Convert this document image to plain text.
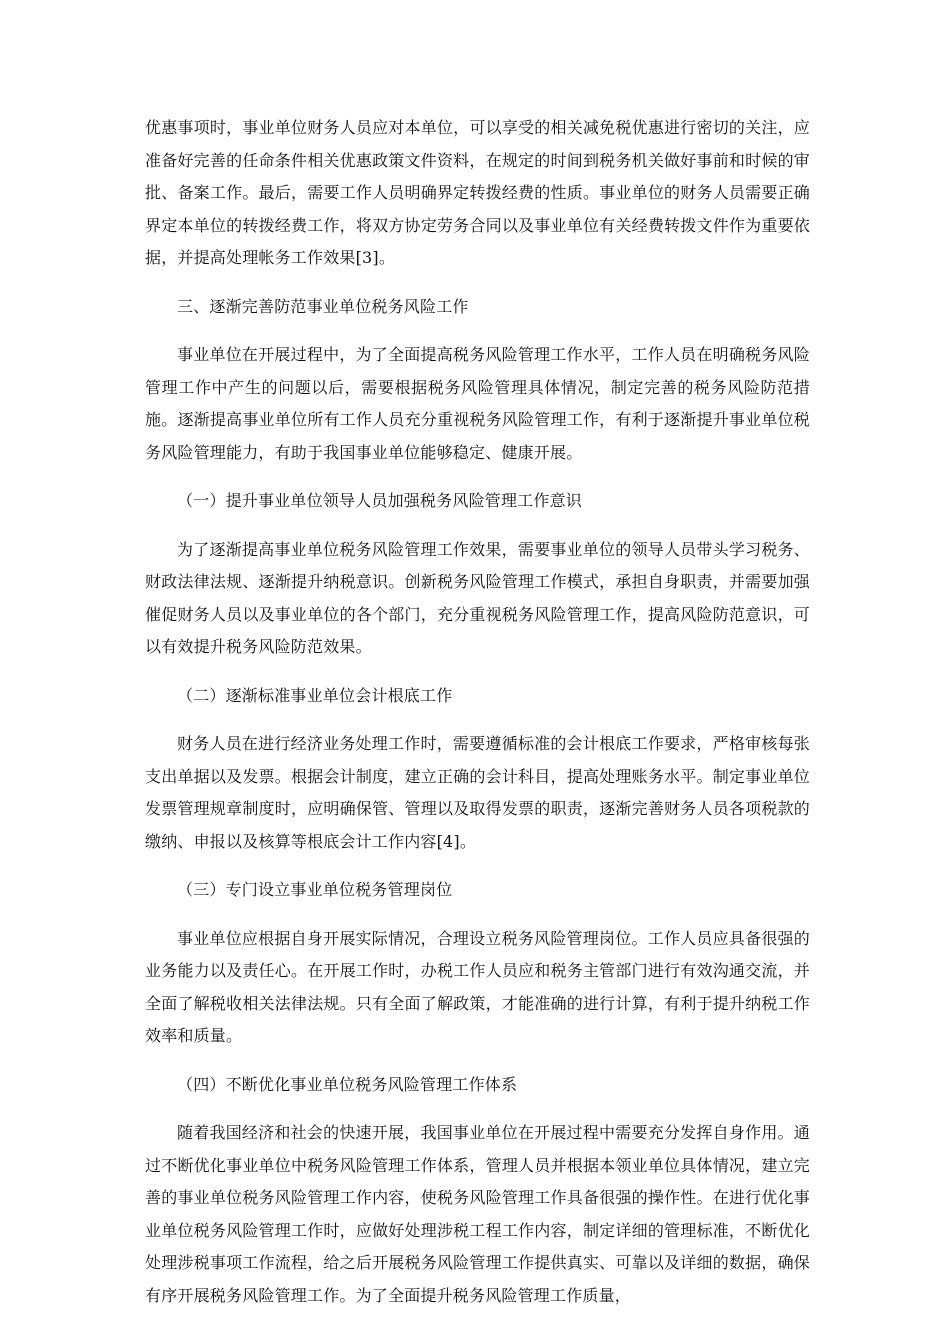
优惠事项时，事业单位财务人员应对本单位，可以享受的相关减免税优惠进行密切的关注，应准备好完善的任命条件相关优惠政策文件资料，在规定的时间到税务机关做好事前和时候的审批、备案工作。最后，需要工作人员明确界定转拨经费的性质。事业单位的财务人员需要正确界定本单位的转拨经费工作，将双方协定劳务合同以及事业单位有关经费转拨文件作为重要依据，并提高处理帐务工作效果[3]。

三、逐渐完善防范事业单位税务风险工作

事业单位在开展过程中，为了全面提高税务风险管理工作水平，工作人员在明确税务风险管理工作中产生的问题以后，需要根据税务风险管理具体情况，制定完善的税务风险防范措施。逐渐提高事业单位所有工作人员充分重视税务风险管理工作，有利于逐渐提升事业单位税务风险管理能力，有助于我国事业单位能够稳定、健康开展。

（一）提升事业单位领导人员加强税务风险管理工作意识

为了逐渐提高事业单位税务风险管理工作效果，需要事业单位的领导人员带头学习税务、财政法律法规、逐渐提升纳税意识。创新税务风险管理工作模式，承担自身职责，并需要加强催促财务人员以及事业单位的各个部门，充分重视税务风险管理工作，提高风险防范意识，可以有效提升税务风险防范效果。

（二）逐渐标准事业单位会计根底工作

财务人员在进行经济业务处理工作时，需要遵循标准的会计根底工作要求，严格审核每张支出单据以及发票。根据会计制度，建立正确的会计科目，提高处理账务水平。制定事业单位发票管理规章制度时，应明确保管、管理以及取得发票的职责，逐渐完善财务人员各项税款的缴纳、申报以及核算等根底会计工作内容[4]。

（三）专门设立事业单位税务管理岗位

事业单位应根据自身开展实际情况，合理设立税务风险管理岗位。工作人员应具备很强的业务能力以及责任心。在开展工作时，办税工作人员应和税务主管部门进行有效沟通交流，并全面了解税收相关法律法规。只有全面了解政策，才能准确的进行计算，有利于提升纳税工作效率和质量。

（四）不断优化事业单位税务风险管理工作体系

随着我国经济和社会的快速开展，我国事业单位在开展过程中需要充分发挥自身作用。通过不断优化事业单位中税务风险管理工作体系，管理人员并根据本领业单位具体情况，建立完善的事业单位税务风险管理工作内容，使税务风险管理工作具备很强的操作性。在进行优化事业单位税务风险管理工作时，应做好处理涉税工程工作内容，制定详细的管理标准，不断优化处理涉税事项工作流程，给之后开展税务风险管理工作提供真实、可靠以及详细的数据，确保有序开展税务风险管理工作。为了全面提升税务风险管理工作质量，
